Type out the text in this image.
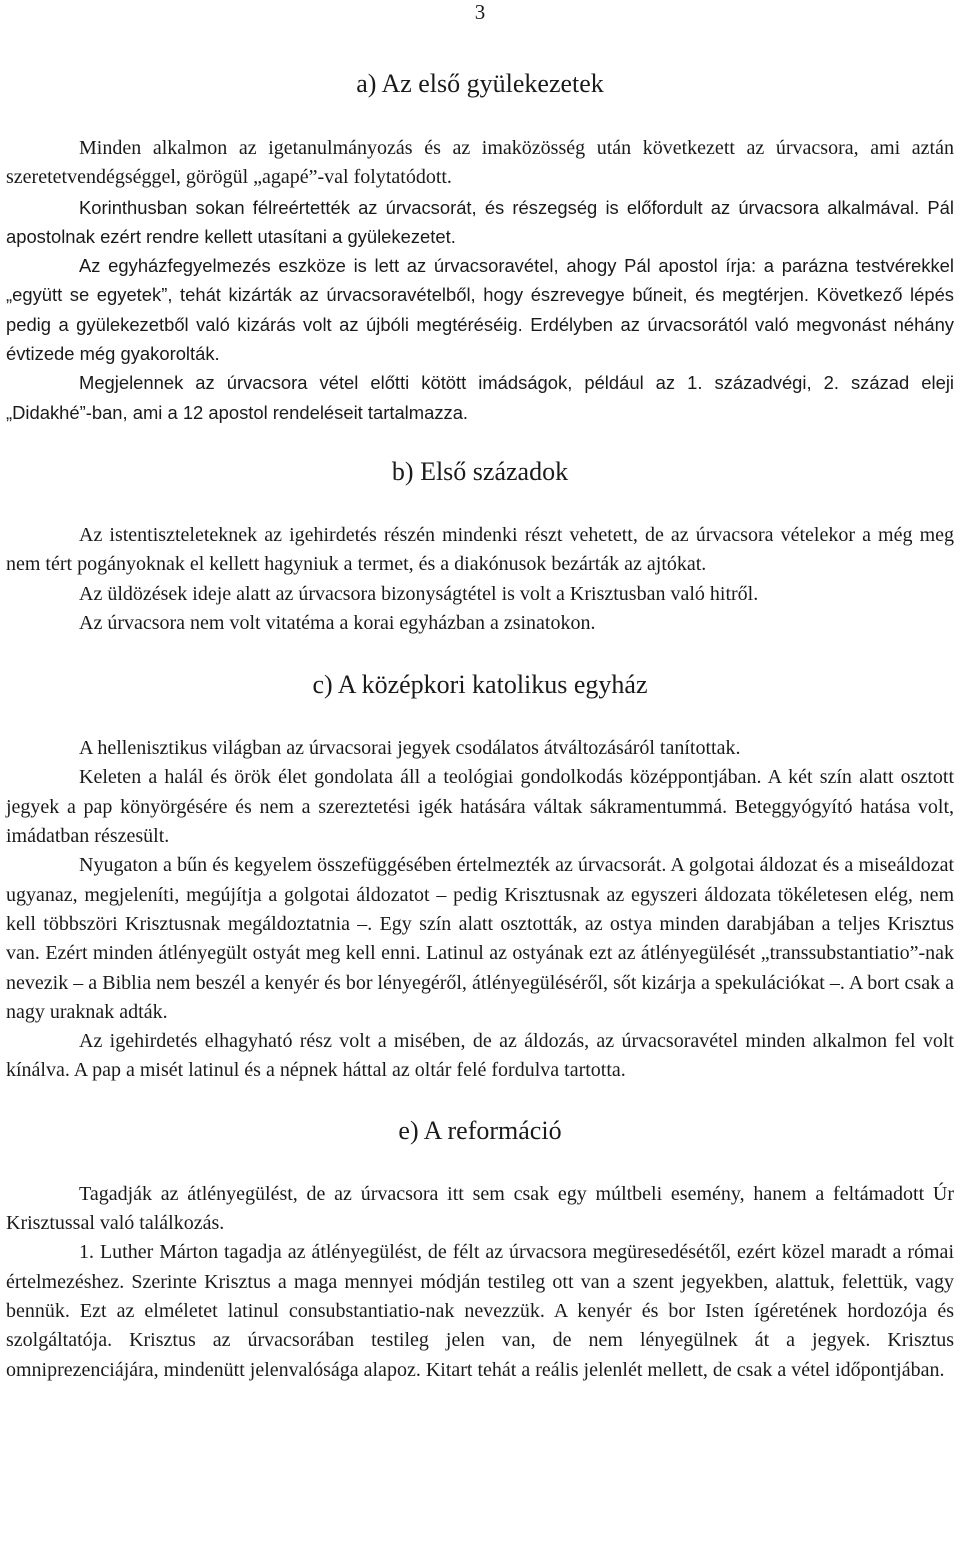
3
a) Az első gyülekezetek

Minden alkalmon az igetanulmányozás és az imaközösség után következett az úrvacsora, ami aztán szeretetvendégséggel, görögül „agapé”-val folytatódott.

Korinthusban sokan félreértették az úrvacsorát, és részegség is előfordult az úrvacsora alkalmával. Pál apostolnak ezért rendre kellett utasítani a gyülekezetet.

Az egyházfegyelmezés eszköze is lett az úrvacsoravétel, ahogy Pál apostol írja: a parázna testvérekkel „együtt se egyetek”, tehát kizárták az úrvacsoravételből, hogy észrevegye bűneit, és megtérjen. Következő lépés pedig a gyülekezetből való kizárás volt az újbóli megtéréséig. Erdélyben az úrvacsorától való megvonást néhány évtizede még gyakorolták.

Megjelennek az úrvacsora vétel előtti kötött imádságok, például az 1. századvégi, 2. század eleji „Didakhé”-ban, ami a 12 apostol rendeléseit tartalmazza.

b) Első századok

Az istentiszteleteknek az igehirdetés részén mindenki részt vehetett, de az úrvacsora vételekor a még meg nem tért pogányoknak el kellett hagyniuk a termet, és a diakónusok bezárták az ajtókat.

Az üldözések ideje alatt az úrvacsora bizonyságtétel is volt a Krisztusban való hitről.

Az úrvacsora nem volt vitatéma a korai egyházban a zsinatokon.

c) A középkori katolikus egyház

A hellenisztikus világban az úrvacsorai jegyek csodálatos átváltozásáról tanítottak.

Keleten a halál és örök élet gondolata áll a teológiai gondolkodás középpontjában. A két szín alatt osztott jegyek a pap könyörgésére és nem a szereztetési igék hatására váltak sákramentummá. Beteggyógyító hatása volt, imádatban részesült.

Nyugaton a bűn és kegyelem összefüggésében értelmezték az úrvacsorát. A golgotai áldozat és a miseáldozat ugyanaz, megjeleníti, megújítja a golgotai áldozatot – pedig Krisztusnak az egyszeri áldozata tökéletesen elég, nem kell többszöri Krisztusnak megáldoztatnia –. Egy szín alatt osztották, az ostya minden darabjában a teljes Krisztus van. Ezért minden átlényegült ostyát meg kell enni. Latinul az ostyának ezt az átlényegülését „transsubstantiatio”-nak nevezik – a Biblia nem beszél a kenyér és bor lényegéről, átlényegüléséről, sőt kizárja a spekulációkat –. A bort csak a nagy uraknak adták.

Az igehirdetés elhagyható rész volt a misében, de az áldozás, az úrvacsoravétel minden alkalmon fel volt kínálva. A pap a misét latinul és a népnek háttal az oltár felé fordulva tartotta.

e) A reformáció

Tagadják az átlényegülést, de az úrvacsora itt sem csak egy múltbeli esemény, hanem a feltámadott Úr Krisztussal való találkozás.

1. Luther Márton tagadja az átlényegülést, de félt az úrvacsora megüresedésétől, ezért közel maradt a római értelmezéshez. Szerinte Krisztus a maga mennyei módján testileg ott van a szent jegyekben, alattuk, felettük, vagy bennük. Ezt az elméletet latinul consubstantiatio-nak nevezzük. A kenyér és bor Isten ígéretének hordozója és szolgáltatója. Krisztus az úrvacsorában testileg jelen van, de nem lényegülnek át a jegyek. Krisztus omniprezenciájára, mindenütt jelenvalósága alapoz. Kitart tehát a reális jelenlét mellett, de csak a vétel időpontjában.
